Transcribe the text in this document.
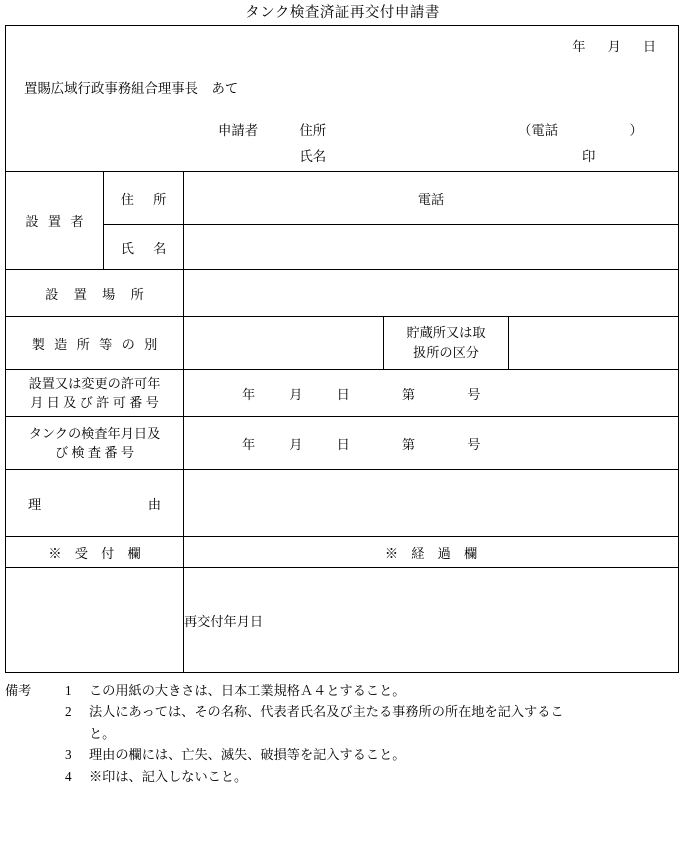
タンク検査済証再交付申請書
年 月 日
置賜広域行政事務組合理事長　あて
申請者	住所
氏名
（電話	）
印

設 置 者	住　所	電話		
	氏　名			
設 置 場 所				
製 造 所 等 の 別			貯蔵所又は取
扱所の区分	

設置又は変更の許可年
月 日 及 び 許 可 番 号		年 月 日 第 号		

タンクの検査年月日及
び 検 査 番 号		年 月 日 第 号		

理 由				

※　受　付　欄		※　経　過　欄		
		再交付年月日		
備考	1	この用紙の大きさは、日本工業規格Ａ４とすること。
2	法人にあっては、その名称、代表者氏名及び主たる事務所の所在地を記入するこ
と。
3	理由の欄には、亡失、滅失、破損等を記入すること。
4	※印は、記入しないこと。
